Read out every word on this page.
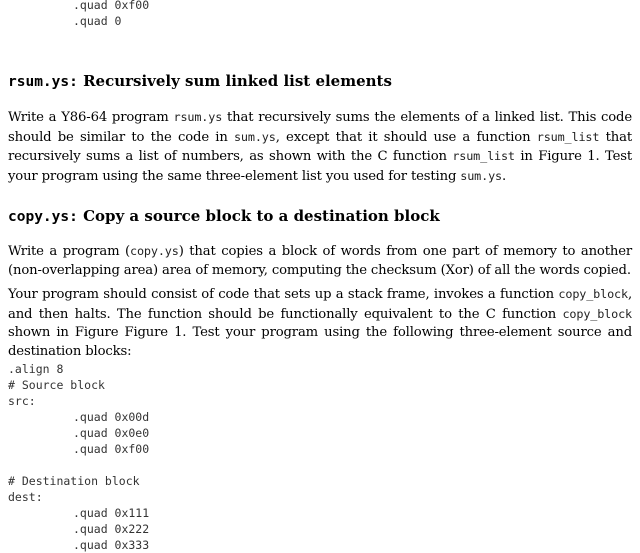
.quad 0xf00
.quad 0
rsum.ys: Recursively sum linked list elements
Write a Y86-64 program rsum.ys that recursively sums the elements of a linked list. This code should be similar to the code in sum.ys, except that it should use a function rsum_list that recursively sums a list of numbers, as shown with the C function rsum_list in Figure 1. Test your program using the same three-element list you used for testing sum.ys.
copy.ys: Copy a source block to a destination block
Write a program (copy.ys) that copies a block of words from one part of memory to another (non-overlapping area) area of memory, computing the checksum (Xor) of all the words copied.
Your program should consist of code that sets up a stack frame, invokes a function copy_block, and then halts. The function should be functionally equivalent to the C function copy_block shown in Figure Figure 1. Test your program using the following three-element source and destination blocks:
.align 8
# Source block
src:
.quad 0x00d
.quad 0x0e0
.quad 0xf00
# Destination block
dest:
.quad 0x111
.quad 0x222
.quad 0x333
